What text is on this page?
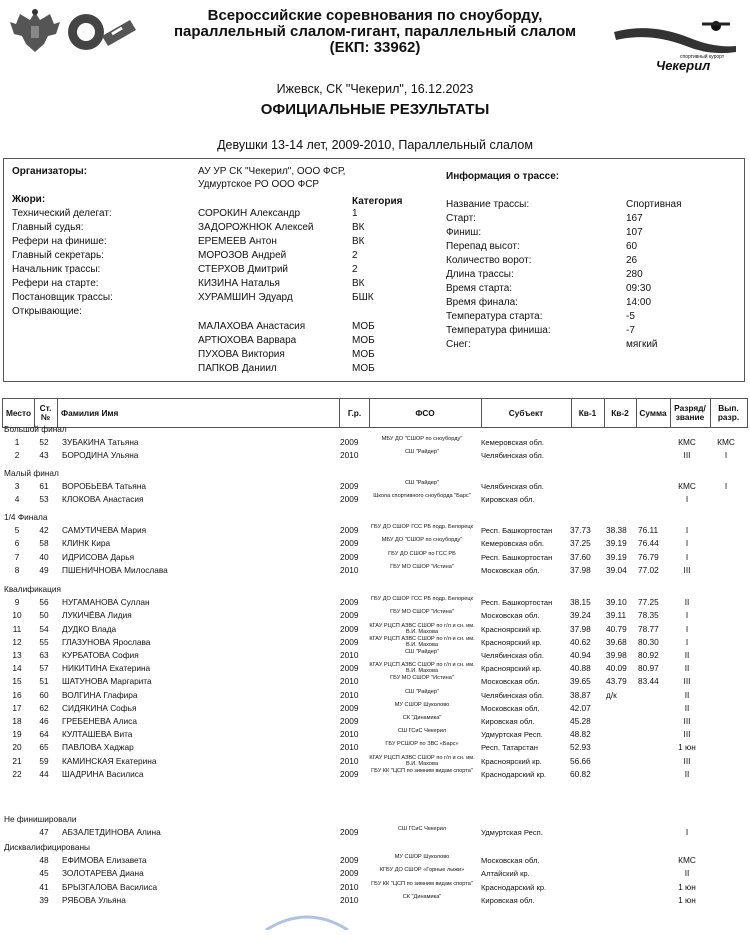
спортивный курорт
Чекерил
Всероссийские соревнования по сноуборду,
параллельный слалом-гигант, параллельный слалом
(ЕКП: 33962)
Ижевск, СК "Чекерил", 16.12.2023
ОФИЦИАЛЬНЫЕ РЕЗУЛЬТАТЫ
Девушки 13-14 лет, 2009-2010, Параллельный слалом
Организаторы:	АУ УР СК "Чекерил", ООО ФСР,
Удмуртское РО ООО ФСР
Жюри:	Категория
Информация о трассе:
Технический делегат:	СОРОКИН Александр	1
Главный судья:	ЗАДОРОЖНЮК Алексей	ВК
Рефери на финише:	ЕРЕМЕЕВ Антон	ВК
Главный секретарь:	МОРОЗОВ Андрей	2
Начальник трассы:	СТЕРХОВ Дмитрий	2
Рефери на старте:	КИЗИНА Наталья	ВК
Постановщик трассы:	ХУРАМШИН Эдуард	БШК
Открывающие:
МАЛАХОВА Анастасия	МОБ
АРТЮХОВА Варвара	МОБ
ПУХОВА Виктория	МОБ
ПАПКОВ Даниил	МОБ
Название трассы:	Спортивная
Старт:	167
Финиш:	107
Перепад высот:	60
Количество ворот:	26
Длина трассы:	280
Время старта:	09:30
Время финала:	14:00
Температура старта:	-5
Температура финиша:	-7
Снег:	мягкий
Место Ст.
№ Фамилия Имя	Г.р.	ФСО	Субъект	Кв-1 Кв-2 Сумма Разряд/
звание
Вып.
разр.
Большой финал
1	52	ЗУБАКИНА Татьяна	2009	МБУ ДО "СШОР по сноуборду"	Кемеровская обл.	КМС	КМС
2	43	БОРОДИНА Ульяна	2010	СШ "Райдер"	Челябинская обл.	III	I
Малый финал
3	61	ВОРОБЬЕВА Татьяна	2009	СШ "Райдер"	Челябинская обл.	КМС	I
4	53	КЛОКОВА Анастасия	2009	Школа спортивного сноуборда "Барс"	Кировская обл.	I
1/4 Финала
5	42	САМУТИЧЕВА Мария	2009	ГБУ ДО СШОР ГСС РБ подр. Белорецк	Респ. Башкортостан 37.73 38.38 76.11	I
6	58	КЛИНК Кира	2009	МБУ ДО "СШОР по сноуборду"	Кемеровская обл.	37.25 39.19 76.44	I
7	40	ИДРИСОВА Дарья	2009	ГБУ ДО СШОР по ГСС РБ	Респ. Башкортостан 37.60 39.19 76.79	I
8	49	ПШЕНИЧНОВА Милослава	2010	ГБУ МО СШОР "Истина"	Московская обл.	37.98 39.04 77.02	III
Квалификация
9	56	НУГАМАНОВА Суллан	2009	ГБУ ДО СШОР ГСС РБ подр. Белорецк	Респ. Башкортостан 38.15 39.10 77.25	II
10	50	ЛУКИЧЁВА Лидия	2009	ГБУ МО СШОР "Истина"	Московская обл.	39.24 39.11 78.35	I
11	54	ДУДКО Влада	2009 КГАУ РЦСП АЗВС СШОР по г/л и сн. им. В.И. Махова	Красноярский кр.	37.98 40.79 78.77	I
12	55	ГЛАЗУНОВА Ярослава	2009 КГАУ РЦСП АЗВС СШОР по г/л и сн. им. В.И. Махова	Красноярский кр.	40.62 39.68 80.30	I
13	63	КУРБАТОВА София	2010	СШ "Райдер"	Челябинская обл.	40.94 39.98 80.92	II
14	57	НИКИТИНА Екатерина	2009 КГАУ РЦСП АЗВС СШОР по г/л и сн. им. В.И. Махова	Красноярский кр.	40.88 40.09 80.97	II
15	51	ШАТУНОВА Маргарита	2010	ГБУ МО СШОР "Истина"	Московская обл.	39.65 43.79 83.44	III
16	60	ВОЛГИНА Глафира	2010	СШ "Райдер"	Челябинская обл.	38.87 д/к	II
17	62	СИДЯКИНА Софья	2009	МУ СШОР Шуколово	Московская обл.	42.07	II
18	46	ГРЕБЕНЕВА Алиса	2009	СК "Динамика"	Кировская обл.	45.28	III
19	64	КУЛТАШЕВА Вита	2010	СШ ГСиС Чекерил	Удмуртская Респ.	48.82	III
20	65	ПАВЛОВА Хаджар	2010	ГБУ РСШОР по ЗВС «Барс»	Респ. Татарстан	52.93	1 юн
21	59	КАМИНСКАЯ Екатерина	2010 КГАУ РЦСП АЗВС СШОР по г/л и сн. им. В.И. Махова	Красноярский кр.	56.66	III
22	44	ШАДРИНА Василиса	2009	ГБУ КК "ЦСП по зимним видам спорта"	Краснодарский кр.	60.82	II
Не финишировали
47	АБЗАЛЕТДИНОВА Алина	2009	СШ ГСиС Чекерил	Удмуртская Респ.	I
Дисквалифицированы
48	ЕФИМОВА Елизавета	2009	МУ СШОР Шуколово	Московская обл.	КМС
45	ЗОЛОТАРЕВА Диана	2009	КГБУ ДО СШОР «Горные лыжи»	Алтайский кр.	II
41	БРЫЗГАЛОВА Василиса	2010	ГБУ КК "ЦСП по зимним видам спорта"	Краснодарский кр.	1 юн
39	РЯБОВА Ульяна	2010	СК "Динамика"	Кировская обл.	1 юн
